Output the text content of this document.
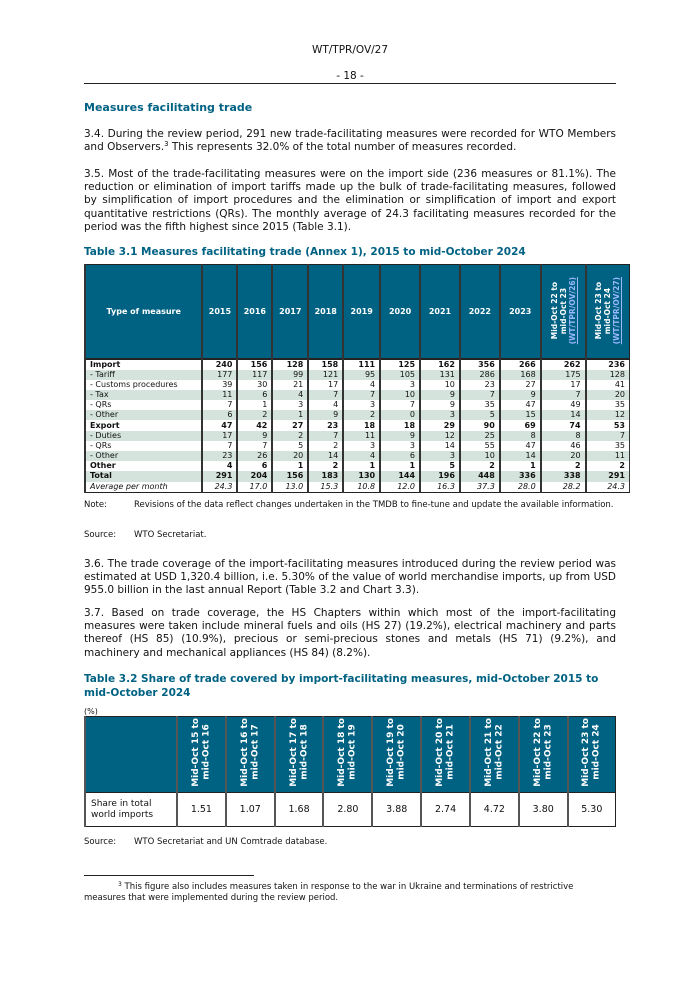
WT/TPR/OV/27
- 18 -
Measures facilitating trade
3.4. During the review period, 291 new trade-facilitating measures were recorded for WTO Members and Observers.$^3$ This represents 32.0% of the total number of measures recorded.
3.5. Most of the trade-facilitating measures were on the import side (236 measures or 81.1%). The reduction or elimination of import tariffs made up the bulk of trade-facilitating measures, followed by simplification of import procedures and the elimination or simplification of import and export quantitative restrictions (QRs). The monthly average of 24.3 facilitating measures recorded for the period was the fifth highest since 2015 (Table 3.1).
Table 3.1 Measures facilitating trade (Annex 1), 2015 to mid-October 2024
Type of measure	2015	2016	2017	2018	2019	2020	2021	2022	2023	Mid-Oct 22 to
mid-Oct 23
(WT/TPR/OV/26)	Mid-Oct 23 to
mid-Oct 24
(WT/TPR/OV/27)
Import	240	156	128	158	111	125	162	356	266	262	236
- Tariff	177	117	99	121	95	105	131	286	168	175	128
- Customs procedures	39	30	21	17	4	3	10	23	27	17	41
- Tax	11	6	4	7	7	10	9	7	9	7	20
- QRs	7	1	3	4	3	7	9	35	47	49	35
- Other	6	2	1	9	2	0	3	5	15	14	12
Export	47	42	27	23	18	18	29	90	69	74	53
- Duties	17	9	2	7	11	9	12	25	8	8	7
- QRs	7	7	5	2	3	3	14	55	47	46	35
- Other	23	26	20	14	4	6	3	10	14	20	11
Other	4	6	1	2	1	1	5	2	1	2	2
Total	291	204	156	183	130	144	196	448	336	338	291
Average per month	24.3	17.0	13.0	15.3	10.8	12.0	16.3	37.3	28.0	28.2	24.3
Note:	Revisions of the data reflect changes undertaken in the TMDB to fine-tune and update the available information.
Source: WTO Secretariat.
3.6. The trade coverage of the import-facilitating measures introduced during the review period was estimated at USD 1,320.4 billion, i.e. 5.30% of the value of world merchandise imports, up from USD 955.0 billion in the last annual Report (Table 3.2 and Chart 3.3).
3.7. Based on trade coverage, the HS Chapters within which most of the import-facilitating measures were taken include mineral fuels and oils (HS 27) (19.2%), electrical machinery and parts thereof (HS 85) (10.9%), precious or semi-precious stones and metals (HS 71) (9.2%), and machinery and mechanical appliances (HS 84) (8.2%).
Table 3.2 Share of trade covered by import-facilitating measures, mid-October 2015 to mid-October 2024
(%)
	Mid-Oct 15 to
mid-Oct 16	Mid-Oct 16 to
mid-Oct 17	Mid-Oct 17 to
mid-Oct 18	Mid-Oct 18 to
mid-Oct 19	Mid-Oct 19 to
mid-Oct 20	Mid-Oct 20 to
mid-Oct 21	Mid-Oct 21 to
mid-Oct 22	Mid-Oct 22 to
mid-Oct 23	Mid-Oct 23 to
mid-Oct 24
Share in total world imports	1.51	1.07	1.68	2.80	3.88	2.74	4.72	3.80	5.30
Source: WTO Secretariat and UN Comtrade database.
$^3$ This figure also includes measures taken in response to the war in Ukraine and terminations of restrictive measures that were implemented during the review period.
